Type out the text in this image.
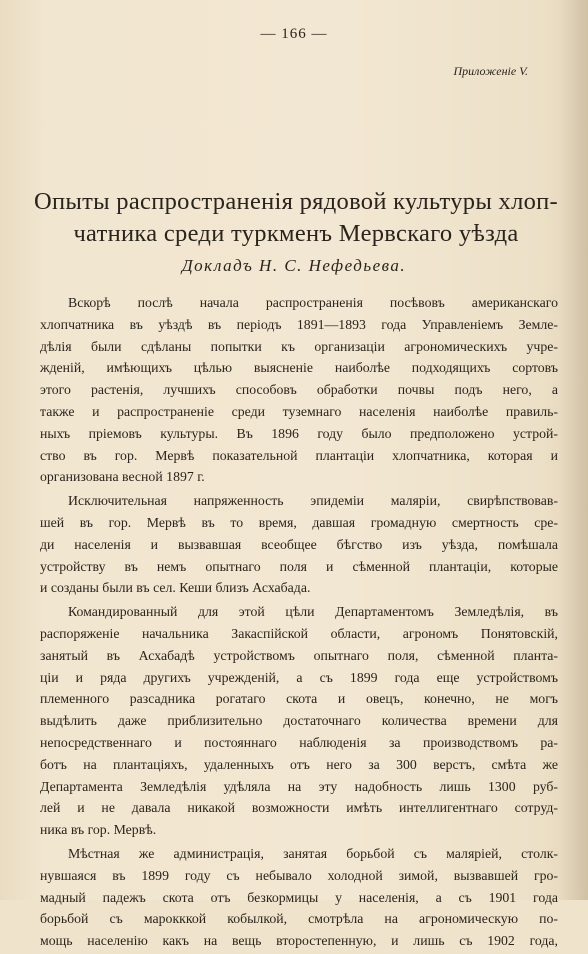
— 166 —
Приложеніе V.
Опыты распространенія рядовой культуры хлоп-
чатника среди туркменъ Мервскаго уѣзда
Докладъ Н. С. Нефедьева.

Вскорѣ послѣ начала распространенія посѣвовъ американскаго
хлопчатника въ уѣздѣ въ періодъ 1891—1893 года Управленіемъ Земле-
дѣлія были сдѣланы попытки къ организаціи агрономическихъ учре-
жденій, имѣющихъ цѣлью выясненіе наиболѣе подходящихъ сортовъ
этого растенія, лучшихъ способовъ обработки почвы подъ него, а
также и распространеніе среди туземнаго населенія наиболѣе правиль-
ныхъ пріемовъ культуры. Въ 1896 году было предположено устрой-
ство въ гор. Мервѣ показательной плантаціи хлопчатника, которая и
организована весной 1897 г.

Исключительная напряженность эпидеміи маляріи, свирѣпствовав-
шей въ гор. Мервѣ въ то время, давшая громадную смертность сре-
ди населенія и вызвавшая всеобщее бѣгство изъ уѣзда, помѣшала
устройству въ немъ опытнаго поля и сѣменной плантаціи, которые
и созданы были въ сел. Кеши близъ Асхабада.

Командированный для этой цѣли Департаментомъ Земледѣлія, въ
распоряженіе начальника Закаспійской области, агрономъ Понятовскій,
занятый въ Асхабадѣ устройствомъ опытнаго поля, сѣменной планта-
ціи и ряда другихъ учрежденій, а съ 1899 года еще устройствомъ
племенного разсадника рогатаго скота и овецъ, конечно, не могъ
выдѣлить даже приблизительно достаточнаго количества времени для
непосредственнаго и постояннаго наблюденія за производствомъ ра-
ботъ на плантаціяхъ, удаленныхъ отъ него за 300 верстъ, смѣта же
Департамента Земледѣлія удѣляла на эту надобность лишь 1300 руб-
лей и не давала никакой возможности имѣть интеллигентнаго сотруд-
ника въ гор. Мервѣ.

Мѣстная же администрація, занятая борьбой съ маляріей, столк-
нувшаяся въ 1899 году съ небывало холодной зимой, вызвавшей гро-
мадный падежъ скота отъ безкормицы у населенія, а съ 1901 года
борьбой съ марокккой кобылкой, смотрѣла на агрономическую по-
мощь населенію какъ на вещь второстепенную, и лишь съ 1902 года,
